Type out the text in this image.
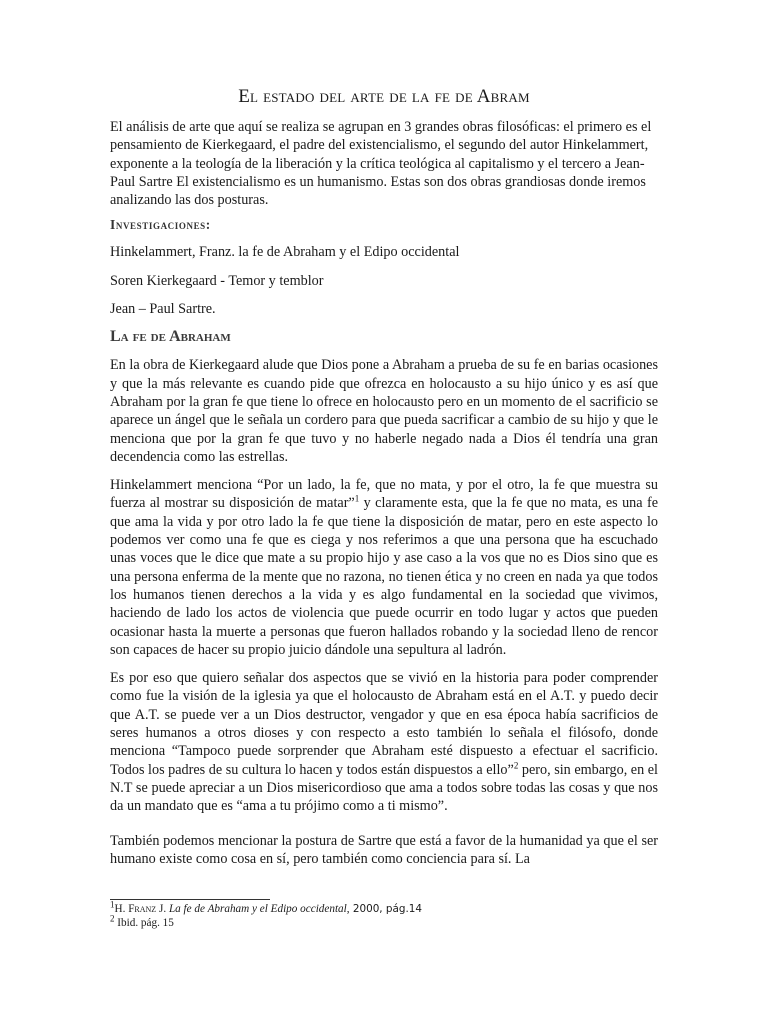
El estado del arte de la fe de Abram

El análisis de arte que aquí se realiza se agrupan en 3 grandes obras filosóficas: el primero es el pensamiento de Kierkegaard, el padre del existencialismo, el segundo del autor Hinkelammert, exponente a la teología de la liberación y la crítica teológica al capitalismo y el tercero a Jean-Paul Sartre El existencialismo es un humanismo. Estas son dos obras grandiosas donde iremos analizando las dos posturas.

Investigaciones:

Hinkelammert, Franz. la fe de Abraham y el Edipo occidental

Soren Kierkegaard - Temor y temblor

Jean – Paul Sartre.

La fe de Abraham

En la obra de Kierkegaard alude que Dios pone a Abraham a prueba de su fe en barias ocasiones y que la más relevante es cuando pide que ofrezca en holocausto a su hijo único y es así que Abraham por la gran fe que tiene lo ofrece en holocausto pero en un momento de el sacrificio se aparece un ángel que le señala un cordero para que pueda sacrificar a cambio de su hijo y que le menciona que por la gran fe que tuvo y no haberle negado nada a Dios él tendría una gran decendencia como las estrellas.

Hinkelammert menciona “Por un lado, la fe, que no mata, y por el otro, la fe que muestra su fuerza al mostrar su disposición de matar”$^1$ y claramente esta, que la fe que no mata, es una fe que ama la vida y por otro lado la fe que tiene la disposición de matar, pero en este aspecto lo podemos ver como una fe que es ciega y nos referimos a que una persona que ha escuchado unas voces que le dice que mate a su propio hijo y ase caso a la vos que no es Dios sino que es una persona enferma de la mente que no razona, no tienen ética y no creen en nada ya que todos los humanos tienen derechos a la vida y es algo fundamental en la sociedad que vivimos, haciendo de lado los actos de violencia que puede ocurrir en todo lugar y actos que pueden ocasionar hasta la muerte a personas que fueron hallados robando y la sociedad lleno de rencor son capaces de hacer su propio juicio dándole una sepultura al ladrón.

Es por eso que quiero señalar dos aspectos que se vivió en la historia para poder comprender como fue la visión de la iglesia ya que el holocausto de Abraham está en el A.T. y puedo decir que A.T. se puede ver a un Dios destructor, vengador y que en esa época había sacrificios de seres humanos a otros dioses y con respecto a esto también lo señala el filósofo, donde menciona “Tampoco puede sorprender que Abraham esté dispuesto a efectuar el sacrificio. Todos los padres de su cultura lo hacen y todos están dispuestos a ello”$^2$ pero, sin embargo, en el N.T se puede apreciar a un Dios misericordioso que ama a todos sobre todas las cosas y que nos da un mandato que es “ama a tu prójimo como a ti mismo”.

También podemos mencionar la postura de Sartre que está a favor de la humanidad ya que el ser humano existe como cosa en sí, pero también como conciencia para sí. La

$^1$H. Franz J. La fe de Abraham y el Edipo occidental, 2000, pág.14
$^2$ Ibid. pág. 15
